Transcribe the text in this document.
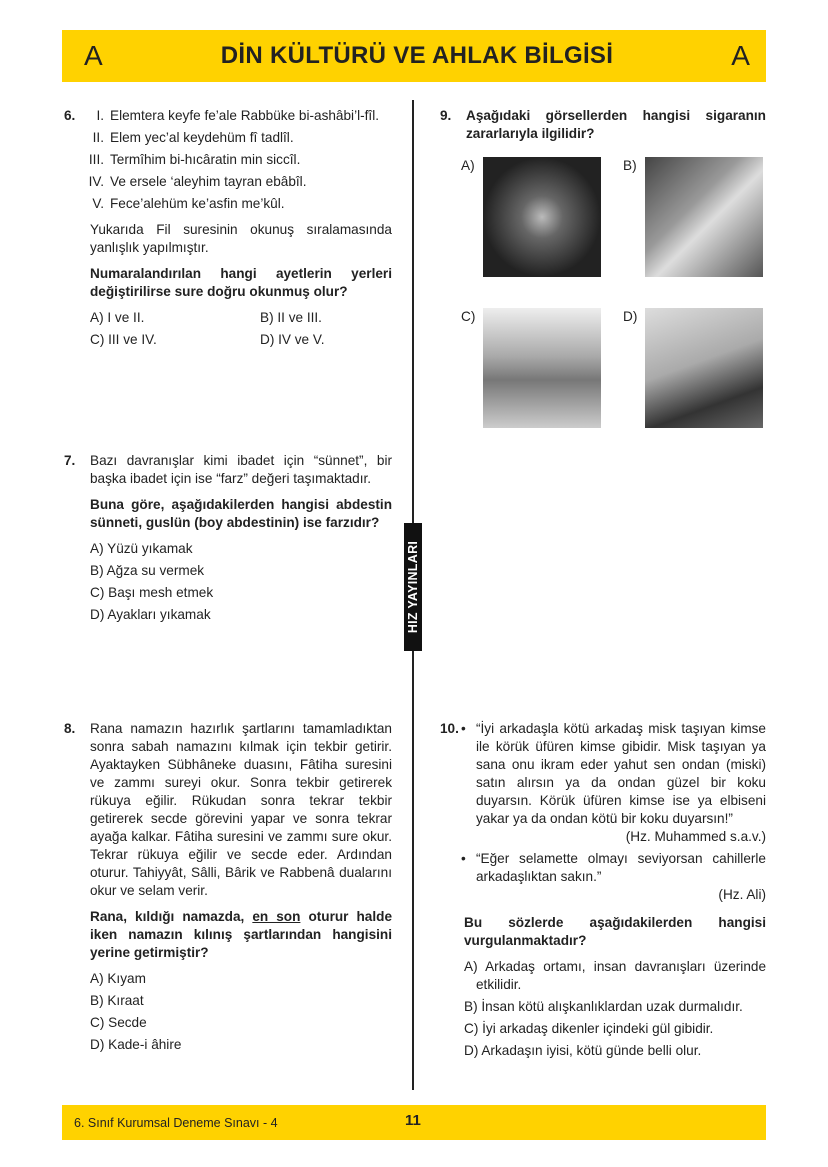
A	DİN KÜLTÜRÜ VE AHLAK BİLGİSİ	A
HIZ YAYINLARI
6.	I. Elemtera keyfe fe’ale Rabbüke bi-ashâbi’l-fîl.
II. Elem yec’al keydehüm fî tadlîl.
III. Termîhim bi-hıcâratin min siccîl.
IV. Ve ersele ‘aleyhim tayran ebâbîl.
V. Fece’alehüm ke’asfin me’kûl.

Yukarıda Fil suresinin okunuş sıralamasında yanlışlık yapılmıştır.

Numaralandırılan hangi ayetlerin yerleri değiştirilirse sure doğru okunmuş olur?

A) I ve II.	B) II ve III.
C) III ve IV.	D) IV ve V.
7. Bazı davranışlar kimi ibadet için “sünnet”, bir başka ibadet için ise “farz” değeri taşımaktadır.

Buna göre, aşağıdakilerden hangisi abdestin sünneti, guslün (boy abdestinin) ise farzıdır?

A) Yüzü yıkamak
B) Ağza su vermek
C) Başı mesh etmek
D) Ayakları yıkamak
8. Rana namazın hazırlık şartlarını tamamladıktan sonra sabah namazını kılmak için tekbir getirir. Ayaktayken Sübhâneke duasını, Fâtiha suresini ve zammı sureyi okur. Sonra tekbir getirerek rükuya eğilir. Rükudan sonra tekrar tekbir getirerek secde görevini yapar ve sonra tekrar ayağa kalkar. Fâtiha suresini ve zammı sure okur. Tekrar rükuya eğilir ve secde eder. Ardından oturur. Tahiyyât, Sâlli, Bârik ve Rabbenâ dualarını okur ve selam verir.

Rana, kıldığı namazda, en son oturur halde iken namazın kılınış şartlarından hangisini yerine getirmiştir?

A) Kıyam
B) Kıraat
C) Secde
D) Kade-i âhire
9. Aşağıdaki görsellerden hangisi sigaranın zararlarıyla ilgilidir?

A)	B)
C)	D)
10. • “İyi arkadaşla kötü arkadaş misk taşıyan kimse ile körük üfüren kimse gibidir. Misk taşıyan ya sana onu ikram eder yahut sen ondan (miski) satın alırsın ya da ondan güzel bir koku duyarsın. Körük üfüren kimse ise ya elbiseni yakar ya da ondan kötü bir koku duyarsın!”
(Hz. Muhammed s.a.v.)
• “Eğer selamette olmayı seviyorsan cahillerle arkadaşlıktan sakın.”
(Hz. Ali)

Bu sözlerde aşağıdakilerden hangisi vurgulanmaktadır?

A) Arkadaş ortamı, insan davranışları üzerinde etkilidir.
B) İnsan kötü alışkanlıklardan uzak durmalıdır.
C) İyi arkadaş dikenler içindeki gül gibidir.
D) Arkadaşın iyisi, kötü günde belli olur.
6. Sınıf Kurumsal Deneme Sınavı - 4	11
